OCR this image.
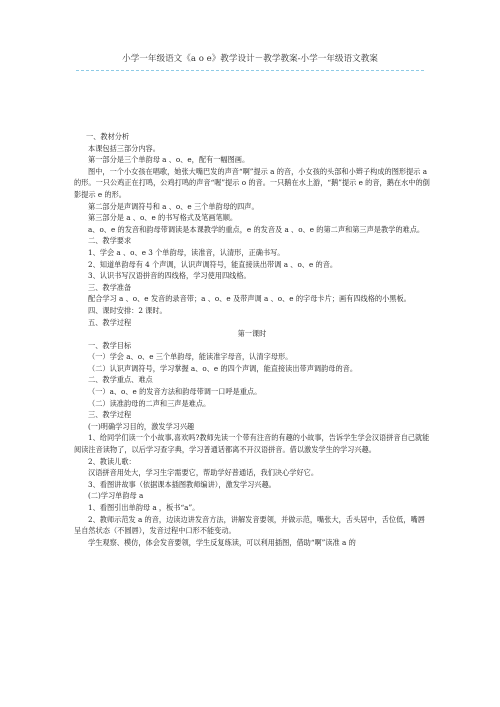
小学一年级语文《a o e》教学设计－教学教案-小学一年级语文教案

一、教材分析

本课包括三部分内容。

第一部分是三个单韵母 a 、o、e，配有一幅图画。

图中，一个小女孩在唱歌，她张大嘴巴发的声音“啊”提示 a 的音，小女孩的头部和小辫子构成的图形提示 a 的形。一只公鸡正在打鸣，公鸡打鸣的声音“喔”提示 o 的音。一只鹅在水上游，“鹅”提示 e 的音，鹅在水中的倒影提示 e 的形。

第二部分是声调符号和 a 、o、e 三个单韵母的四声。

第三部分是 a 、o、e 的书写格式及笔画笔顺。

a、o、e 的发音和韵母带调读是本课教学的重点，e 的发音及 a 、o、e 的第二声和第三声是教学的难点。

二、教学要求

1、学会 a 、o、e 3 个单韵母，读准音，认清形，正确书写。

2、知道单韵母有 4 个声调，认识声调符号，能直接读出带调 a 、o、e 的音。

3、认识书写汉语拼音的四线格，学习使用四线格。

三、教学准备

配合学习 a 、o、e 发音的录音带；a 、o、e 及带声调 a 、o、e 的字母卡片；画有四线格的小黑板。

四、课时安排：2 课时。

五、教学过程

第一课时

一、教学目标

（一）学会 a、o、e 三个单韵母，能读准字母音，认清字母形。

（二）认识声调符号，学习掌握 a、o、e 的四个声调，能直接读出带声调韵母的音。

二、教学重点、难点

（一）a、o、e 的发音方法和韵母带调一口呼是重点。

（二）读准韵母的二声和三声是难点。

三、教学过程

(一)明确学习目的，激发学习兴趣

1、给同学们读一个小故事,喜欢吗?教师先读一个带有注音的有趣的小故事，告诉学生学会汉语拼音自己就能阅读注音读物了，以后学习查字典，学习普通话都离不开汉语拼音。借以激发学生的学习兴趣。

2、教读儿歌：

汉语拼音用处大，学习生字需要它，帮助学好普通话，我们决心学好它。

3、看图讲故事（依据课本插图教师编讲），激发学习兴趣。

(二)学习单韵母 a

1、看图引出单韵母 a ，板书“a”。

2、教师示范发 a 的音，边读边讲发音方法，讲解发音要领，并做示范，嘴张大，舌头居中，舌位低，嘴唇呈自然状态（不圆唇），发音过程中口形不能变动。

学生观察、模仿，体会发音要领，学生反复练读，可以利用插图，借助“啊”读准 a 的
